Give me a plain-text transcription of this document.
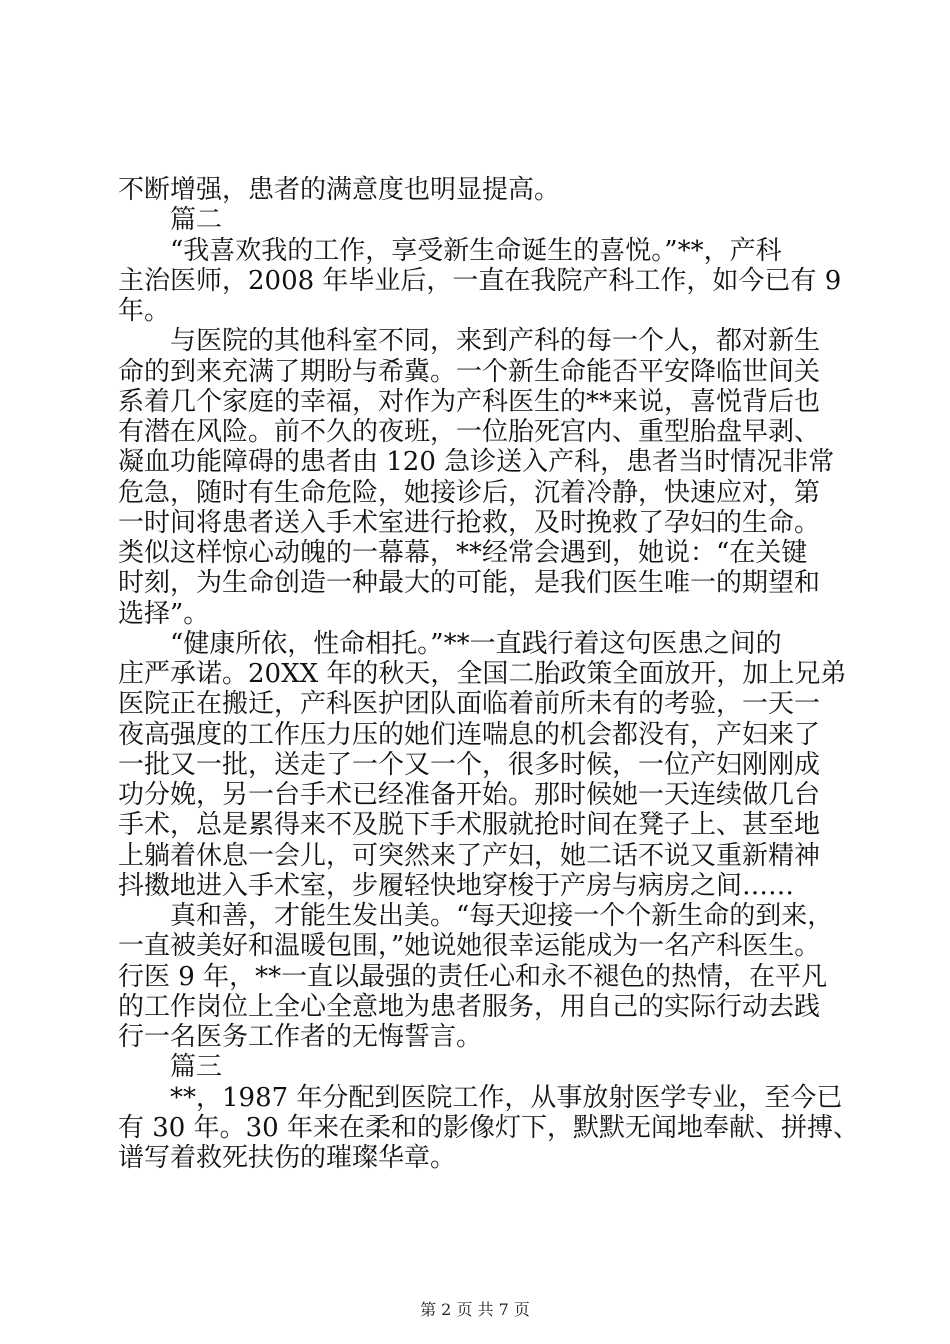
不断增强，患者的满意度也明显提高。
篇二
“我喜欢我的工作，享受新生命诞生的喜悦。”**，产科
主治医师，2008 年毕业后，一直在我院产科工作，如今已有 9
年。
与医院的其他科室不同，来到产科的每一个人，都对新生
命的到来充满了期盼与希冀。一个新生命能否平安降临世间关
系着几个家庭的幸福，对作为产科医生的**来说，喜悦背后也
有潜在风险。前不久的夜班，一位胎死宫内、重型胎盘早剥、
凝血功能障碍的患者由 120 急诊送入产科，患者当时情况非常
危急，随时有生命危险，她接诊后，沉着冷静，快速应对，第
一时间将患者送入手术室进行抢救，及时挽救了孕妇的生命。
类似这样惊心动魄的一幕幕，**经常会遇到，她说：“在关键
时刻，为生命创造一种最大的可能，是我们医生唯一的期望和
选择”。
“健康所依，性命相托。”**一直践行着这句医患之间的
庄严承诺。20XX 年的秋天，全国二胎政策全面放开，加上兄弟
医院正在搬迁，产科医护团队面临着前所未有的考验，一天一
夜高强度的工作压力压的她们连喘息的机会都没有，产妇来了
一批又一批，送走了一个又一个，很多时候，一位产妇刚刚成
功分娩，另一台手术已经准备开始。那时候她一天连续做几台
手术，总是累得来不及脱下手术服就抢时间在凳子上、甚至地
上躺着休息一会儿，可突然来了产妇，她二话不说又重新精神
抖擞地进入手术室，步履轻快地穿梭于产房与病房之间……
真和善，才能生发出美。“每天迎接一个个新生命的到来，
一直被美好和温暖包围，”她说她很幸运能成为一名产科医生。
行医 9 年，**一直以最强的责任心和永不褪色的热情，在平凡
的工作岗位上全心全意地为患者服务，用自己的实际行动去践
行一名医务工作者的无悔誓言。
篇三
**，1987 年分配到医院工作，从事放射医学专业，至今已
有 30 年。30 年来在柔和的影像灯下，默默无闻地奉献、拼搏、
谱写着救死扶伤的璀璨华章。
第 2 页 共 7 页
